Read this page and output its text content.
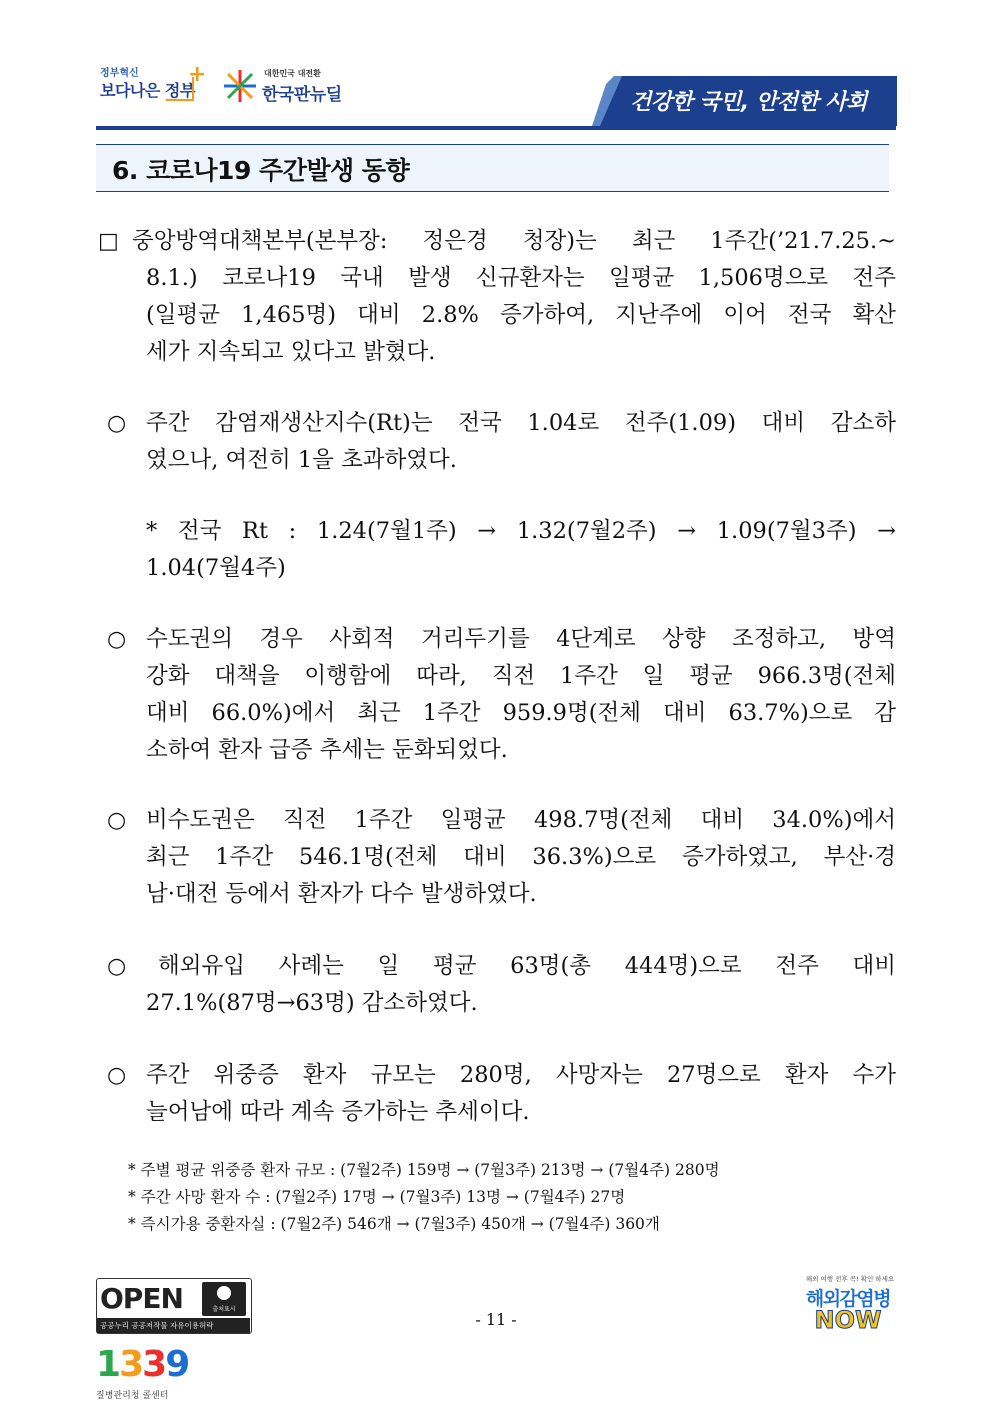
정부혁신
보다나은 정부
+	대한민국 대전환
한국판뉴딜	건강한 국민, 안전한 사회
6. 코로나19 주간발생 동향
□ 중앙방역대책본부(본부장: 정은경 청장)는 최근 1주간(’21.7.25.~
8.1.) 코로나19 국내 발생 신규환자는 일평균 1,506명으로 전주
(일평균 1,465명) 대비 2.8% 증가하여, 지난주에 이어 전국 확산
세가 지속되고 있다고 밝혔다.
○ 주간 감염재생산지수(Rt)는 전국 1.04로 전주(1.09) 대비 감소하
였으나, 여전히 1을 초과하였다.
* 전국 Rt : 1.24(7월1주) → 1.32(7월2주) → 1.09(7월3주) →
1.04(7월4주)
○ 수도권의 경우 사회적 거리두기를 4단계로 상향 조정하고, 방역
강화 대책을 이행함에 따라, 직전 1주간 일 평균 966.3명(전체
대비 66.0%)에서 최근 1주간 959.9명(전체 대비 63.7%)으로 감
소하여 환자 급증 추세는 둔화되었다.
○ 비수도권은 직전 1주간 일평균 498.7명(전체 대비 34.0%)에서
최근 1주간 546.1명(전체 대비 36.3%)으로 증가하였고, 부산·경
남·대전 등에서 환자가 다수 발생하였다.
○ 해외유입 사례는 일 평균 63명(총 444명)으로 전주 대비
27.1%(87명→63명) 감소하였다.
○ 주간 위중증 환자 규모는 280명, 사망자는 27명으로 환자 수가
늘어남에 따라 계속 증가하는 추세이다.
* 주별 평균 위중증 환자 규모 : (7월2주) 159명 → (7월3주) 213명 → (7월4주) 280명
* 주간 사망 환자 수 : (7월2주) 17명 → (7월3주) 13명 → (7월4주) 27명
* 즉시가용 중환자실 : (7월2주) 546개 → (7월3주) 450개 → (7월4주) 360개
- 11 -
OPEN	출처표시
공공누리 공공저작물 자유이용허락
1339
질병관리청 콜센터
해외 여행 전후 꼭! 확인 하세요
해외감염병
NOW
